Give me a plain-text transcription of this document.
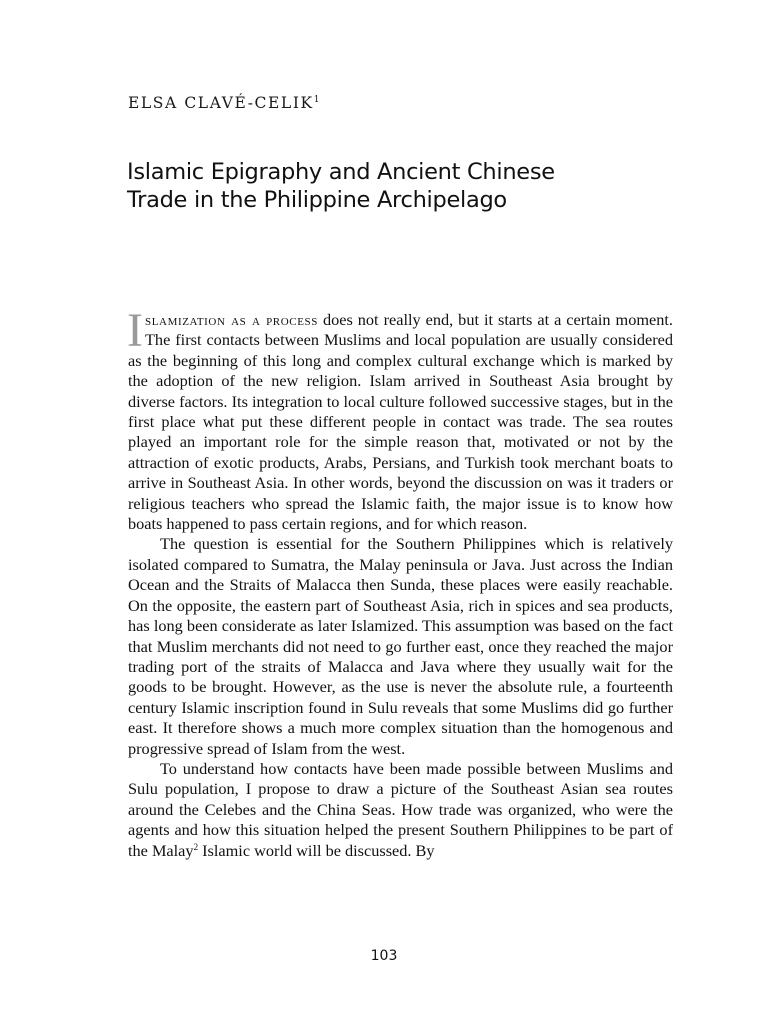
ELSA CLAVÉ-CELIK$^1$
Islamic Epigraphy and Ancient Chinese
Trade in the Philippine Archipelago

Islamization as a process does not really end, but it starts at a certain moment. The first contacts between Muslims and local population are usually considered as the beginning of this long and complex cultural exchange which is marked by the adoption of the new religion. Islam arrived in Southeast Asia brought by diverse factors. Its integration to local culture followed successive stages, but in the first place what put these different people in contact was trade. The sea routes played an important role for the simple reason that, motivated or not by the attraction of exotic products, Arabs, Persians, and Turkish took merchant boats to arrive in Southeast Asia. In other words, beyond the discussion on was it traders or religious teachers who spread the Islamic faith, the major issue is to know how boats happened to pass certain regions, and for which reason.

The question is essential for the Southern Philippines which is relatively isolated compared to Sumatra, the Malay peninsula or Java. Just across the Indian Ocean and the Straits of Malacca then Sunda, these places were easily reachable. On the opposite, the eastern part of Southeast Asia, rich in spices and sea products, has long been considerate as later Islamized. This assumption was based on the fact that Muslim merchants did not need to go further east, once they reached the major trading port of the straits of Malacca and Java where they usually wait for the goods to be brought. However, as the use is never the absolute rule, a fourteenth century Islamic inscription found in Sulu reveals that some Muslims did go further east. It therefore shows a much more complex situation than the homogenous and progressive spread of Islam from the west.

To understand how contacts have been made possible between Muslims and Sulu population, I propose to draw a picture of the Southeast Asian sea routes around the Celebes and the China Seas. How trade was organized, who were the agents and how this situation helped the present Southern Philippines to be part of the Malay$^2$ Islamic world will be discussed. By

103
